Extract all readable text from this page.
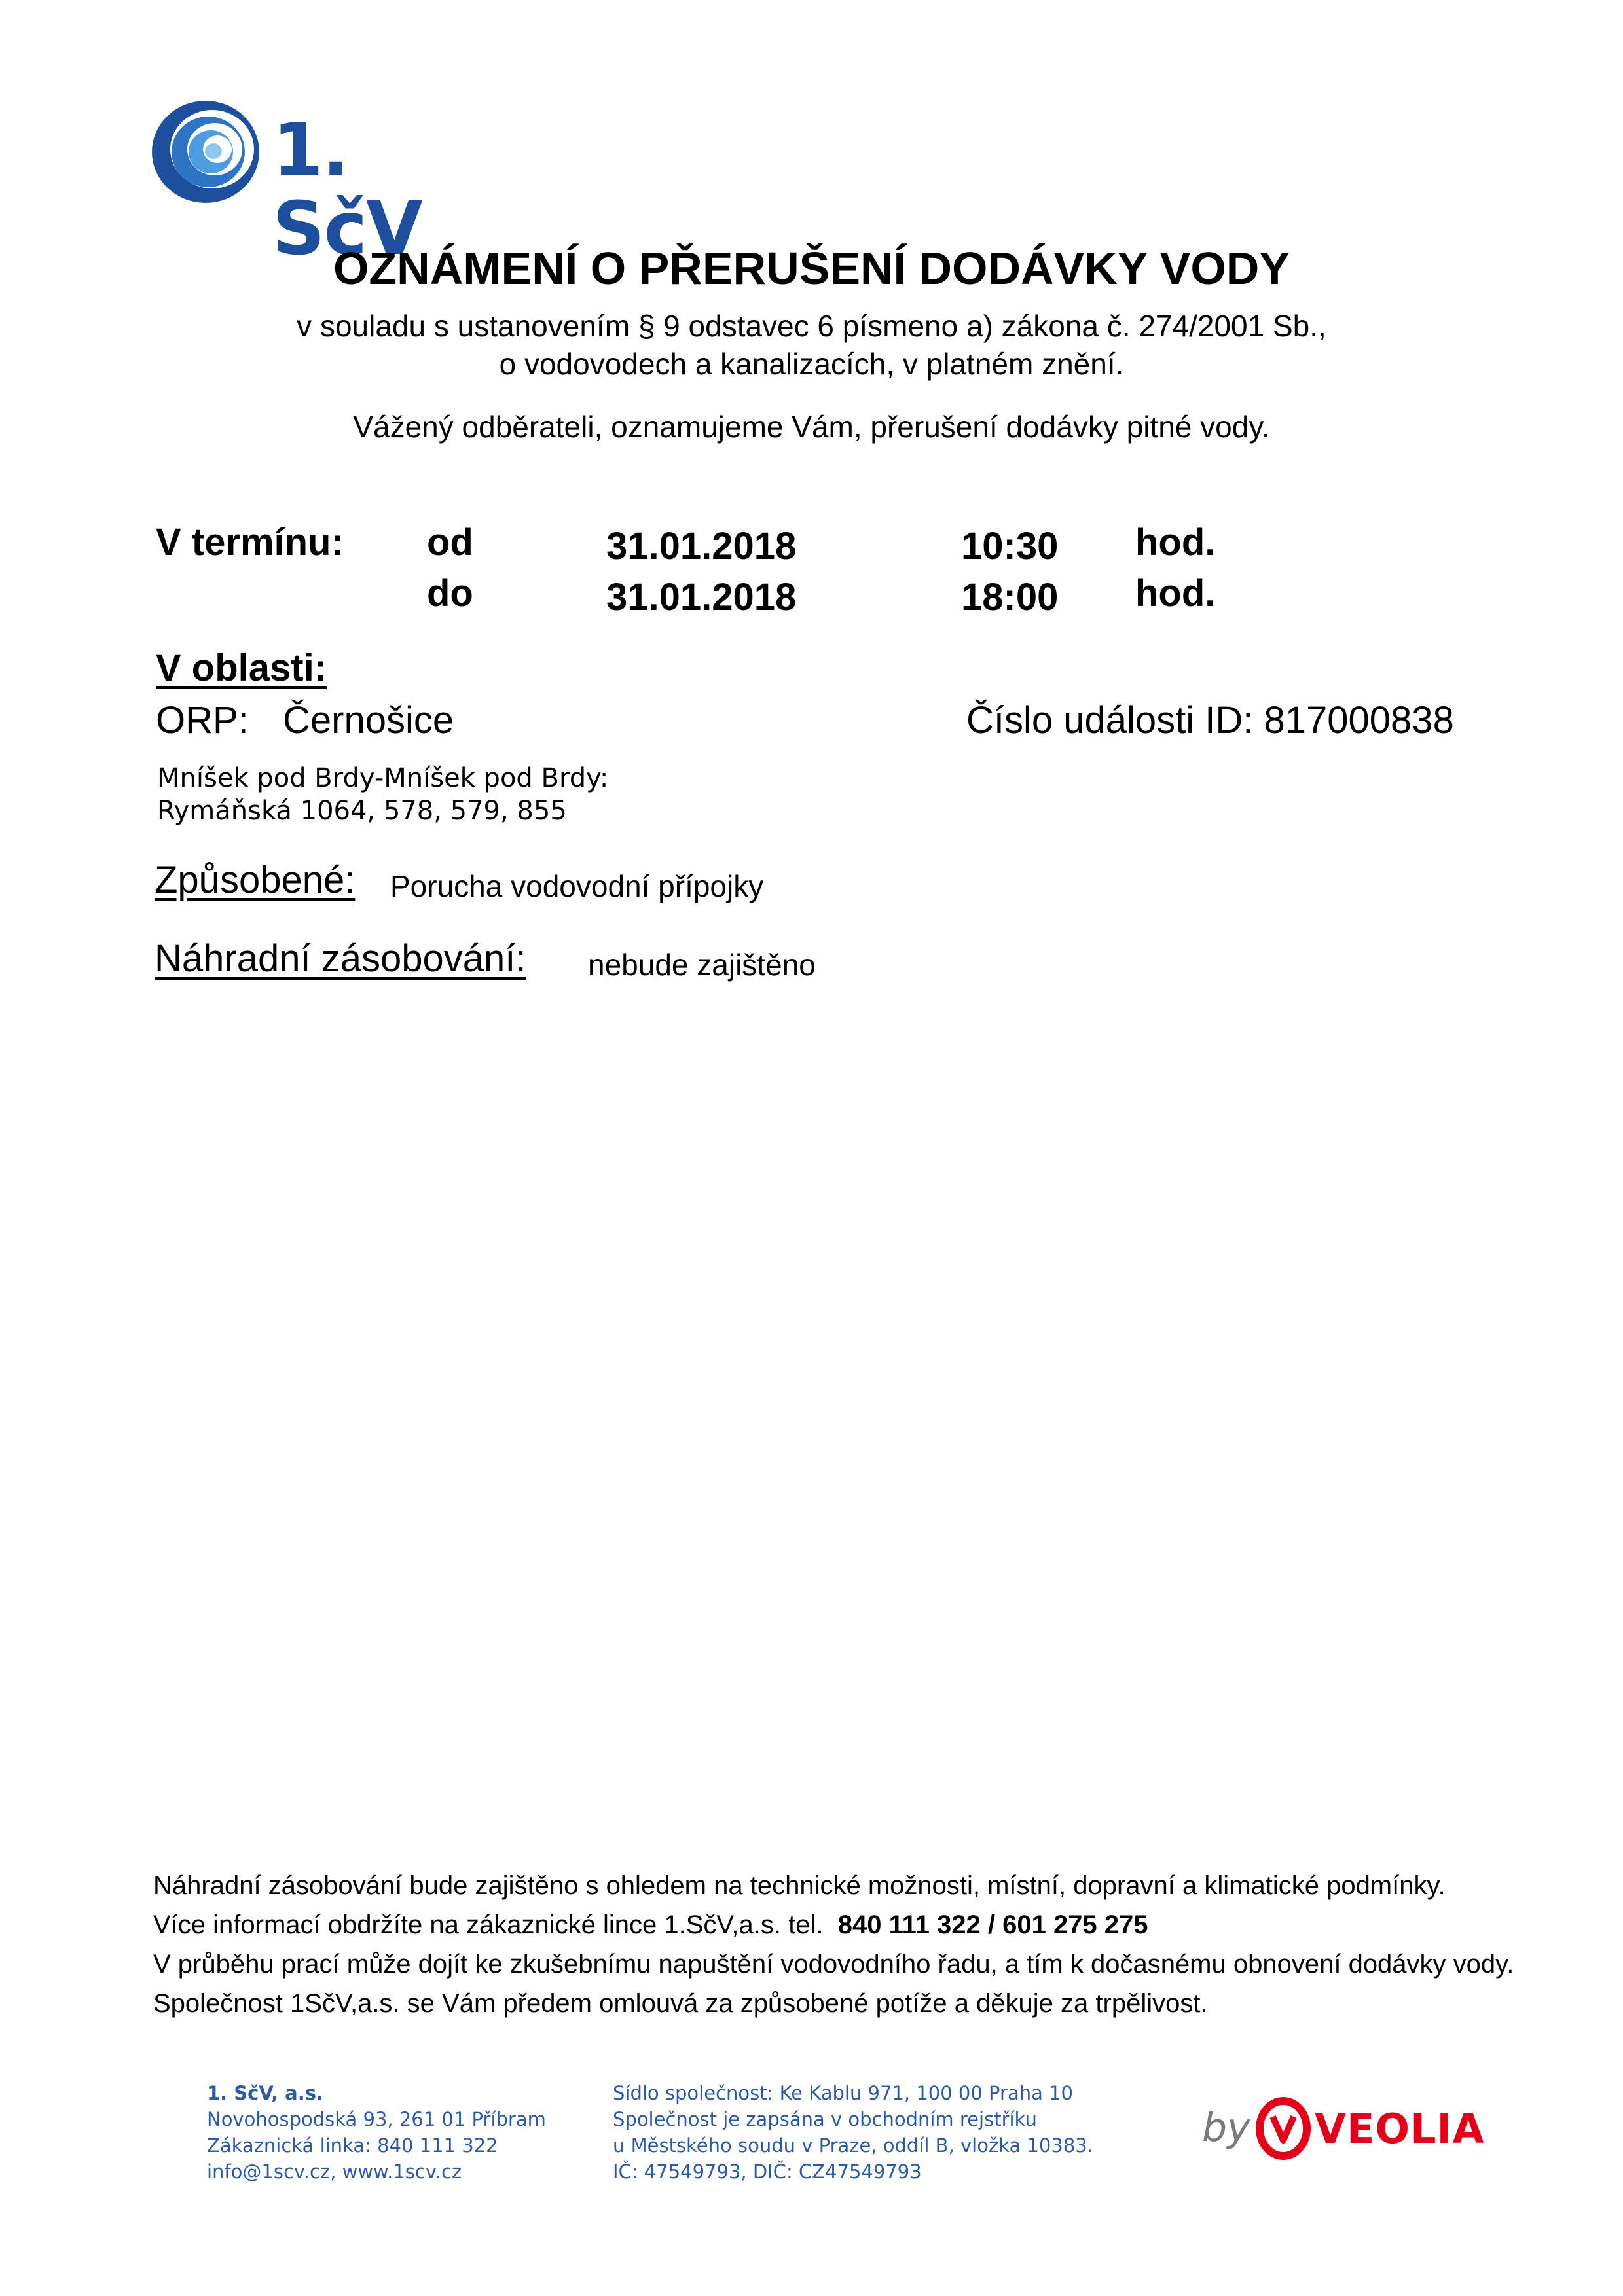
1. SčV
OZNÁMENÍ O PŘERUŠENÍ DODÁVKY VODY
v souladu s ustanovením § 9 odstavec 6 písmeno a) zákona č. 274/2001 Sb.,
o vodovodech a kanalizacích, v platném znění.
Vážený odběrateli, oznamujeme Vám, přerušení dodávky pitné vody.
V termínu: od	31.01.2018	10:30 hod.
do	31.01.2018	18:00 hod.
V oblasti:
ORP: Černošice	Číslo události ID: 817000838
Mníšek pod Brdy-Mníšek pod Brdy:
Rymáňská 1064, 578, 579, 855
Způsobené: Porucha vodovodní přípojky
Náhradní zásobování: nebude zajištěno
Náhradní zásobování bude zajištěno s ohledem na technické možnosti, místní, dopravní a klimatické podmínky.
Více informací obdržíte na zákaznické lince 1.SčV,a.s. tel. 840 111 322 / 601 275 275
V průběhu prací může dojít ke zkušebnímu napuštění vodovodního řadu, a tím k dočasnému obnovení dodávky vody.
Společnost 1SčV,a.s. se Vám předem omlouvá za způsobené potíže a děkuje za trpělivost.
1. SčV, a.s.
Novohospodská 93, 261 01 Příbram
Zákaznická linka: 840 111 322
info@1scv.cz, www.1scv.cz
Sídlo společnost: Ke Kablu 971, 100 00 Praha 10
Společnost je zapsána v obchodním rejstříku
u Městského soudu v Praze, oddíl B, vložka 10383.
IČ: 47549793, DIČ: CZ47549793
by VEOLIA
